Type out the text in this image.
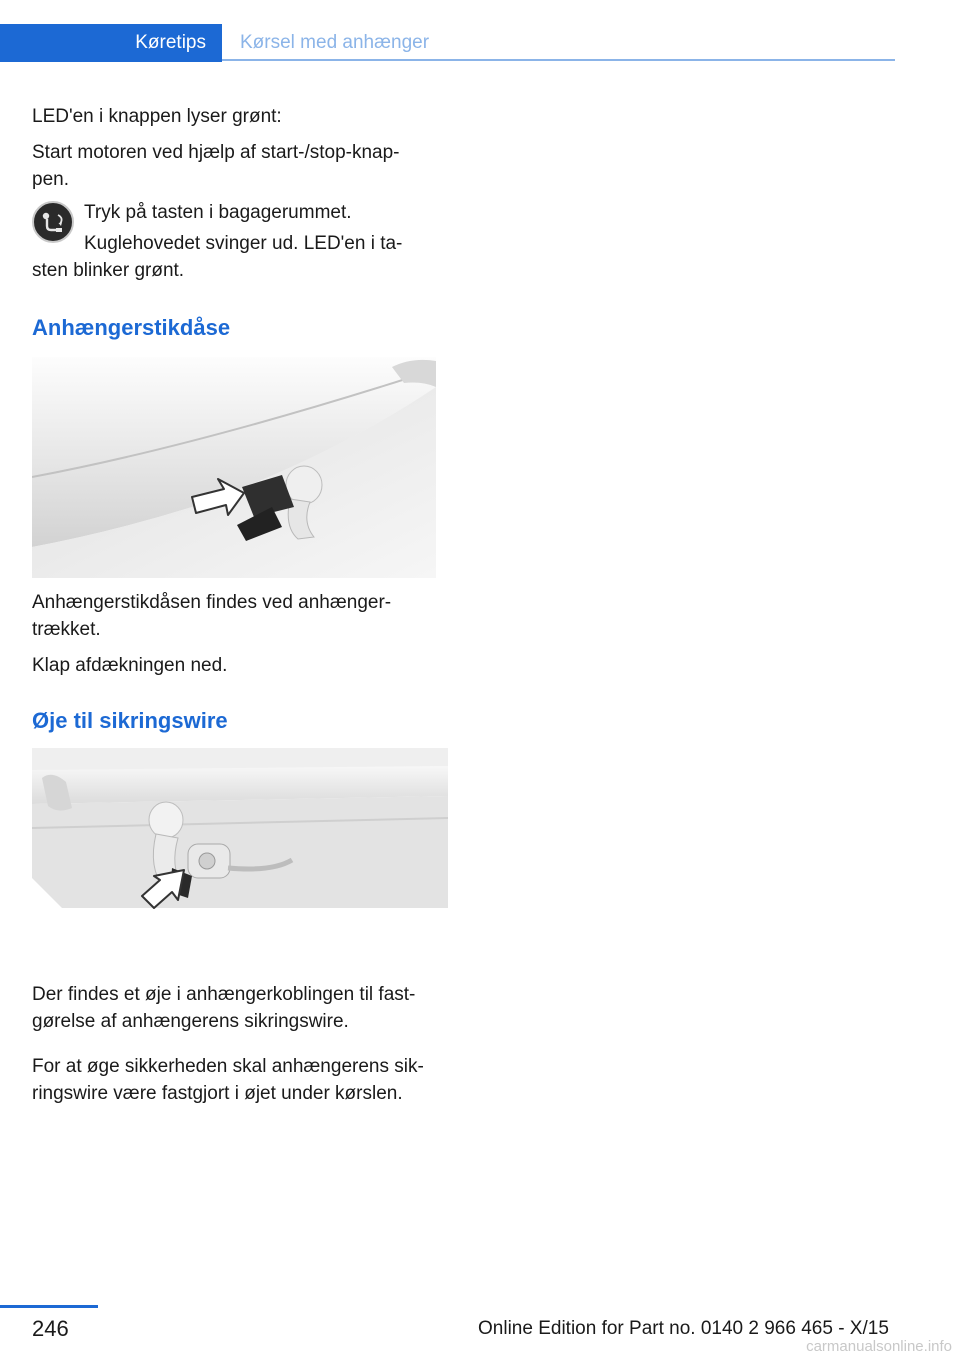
Køretips	Kørsel med anhænger

LED'en i knappen lyser grønt:

Start motoren ved hjælp af start-/stop-knap‐

pen.

Tryk på tasten i bagagerummet.

Kuglehovedet svinger ud. LED'en i ta‐

sten blinker grønt.

Anhængerstikdåse

Anhængerstikdåsen findes ved anhænger‐

trækket.

Klap afdækningen ned.

Øje til sikringswire

Der findes et øje i anhængerkoblingen til fast‐

gørelse af anhængerens sikringswire.

For at øge sikkerheden skal anhængerens sik‐

ringswire være fastgjort i øjet under kørslen.

246	Online Edition for Part no. 0140 2 966 465 - X/15
carmanualsonline.info
